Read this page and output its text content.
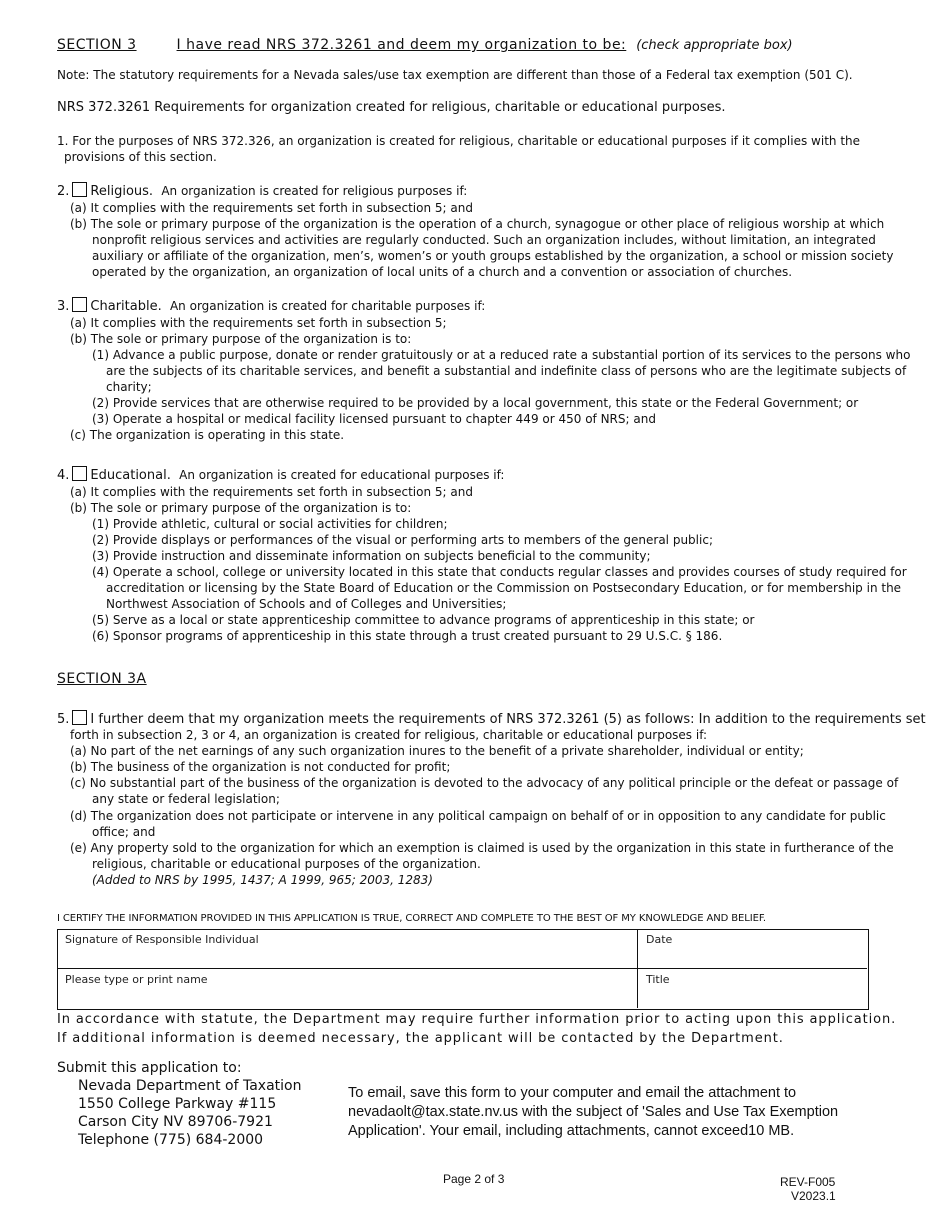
SECTION 3	I have read NRS 372.3261 and deem my organization to be: (check appropriate box)
Note: The statutory requirements for a Nevada sales/use tax exemption are different than those of a Federal tax exemption (501 C).
NRS 372.3261 Requirements for organization created for religious, charitable or educational purposes.
1. For the purposes of NRS 372.326, an organization is created for religious, charitable or educational purposes if it complies with the
provisions of this section.
2. Religious. An organization is created for religious purposes if:
(a) It complies with the requirements set forth in subsection 5; and
(b) The sole or primary purpose of the organization is the operation of a church, synagogue or other place of religious worship at which
nonprofit religious services and activities are regularly conducted. Such an organization includes, without limitation, an integrated
auxiliary or affiliate of the organization, men’s, women’s or youth groups established by the organization, a school or mission society
operated by the organization, an organization of local units of a church and a convention or association of churches.
3. Charitable. An organization is created for charitable purposes if:
(a) It complies with the requirements set forth in subsection 5;
(b) The sole or primary purpose of the organization is to:
(1) Advance a public purpose, donate or render gratuitously or at a reduced rate a substantial portion of its services to the persons who
are the subjects of its charitable services, and benefit a substantial and indefinite class of persons who are the legitimate subjects of
charity;
(2) Provide services that are otherwise required to be provided by a local government, this state or the Federal Government; or
(3) Operate a hospital or medical facility licensed pursuant to chapter 449 or 450 of NRS; and
(c) The organization is operating in this state.
4. Educational. An organization is created for educational purposes if:
(a) It complies with the requirements set forth in subsection 5; and
(b) The sole or primary purpose of the organization is to:
(1) Provide athletic, cultural or social activities for children;
(2) Provide displays or performances of the visual or performing arts to members of the general public;
(3) Provide instruction and disseminate information on subjects beneficial to the community;
(4) Operate a school, college or university located in this state that conducts regular classes and provides courses of study required for
accreditation or licensing by the State Board of Education or the Commission on Postsecondary Education, or for membership in the
Northwest Association of Schools and of Colleges and Universities;
(5) Serve as a local or state apprenticeship committee to advance programs of apprenticeship in this state; or
(6) Sponsor programs of apprenticeship in this state through a trust created pursuant to 29 U.S.C. § 186.
SECTION 3A
5. I further deem that my organization meets the requirements of NRS 372.3261 (5) as follows: In addition to the requirements set
forth in subsection 2, 3 or 4, an organization is created for religious, charitable or educational purposes if:
(a) No part of the net earnings of any such organization inures to the benefit of a private shareholder, individual or entity;
(b) The business of the organization is not conducted for profit;
(c) No substantial part of the business of the organization is devoted to the advocacy of any political principle or the defeat or passage of
any state or federal legislation;
(d) The organization does not participate or intervene in any political campaign on behalf of or in opposition to any candidate for public
office; and
(e) Any property sold to the organization for which an exemption is claimed is used by the organization in this state in furtherance of the
religious, charitable or educational purposes of the organization.
(Added to NRS by 1995, 1437; A 1999, 965; 2003, 1283)
I CERTIFY THE INFORMATION PROVIDED IN THIS APPLICATION IS TRUE, CORRECT AND COMPLETE TO THE BEST OF MY KNOWLEDGE AND BELIEF.
Signature of Responsible Individual	Date
Please type or print name	Title
In accordance with statute, the Department may require further information prior to acting upon this application.
If additional information is deemed necessary, the applicant will be contacted by the Department.
Submit this application to:
Nevada Department of Taxation
1550 College Parkway #115
Carson City NV 89706-7921
Telephone (775) 684-2000
To email, save this form to your computer and email the attachment to
nevadaolt@tax.state.nv.us with the subject of 'Sales and Use Tax Exemption
Application'. Your email, including attachments, cannot exceed10 MB.
Page 2 of 3	REV-F005
V2023.1
